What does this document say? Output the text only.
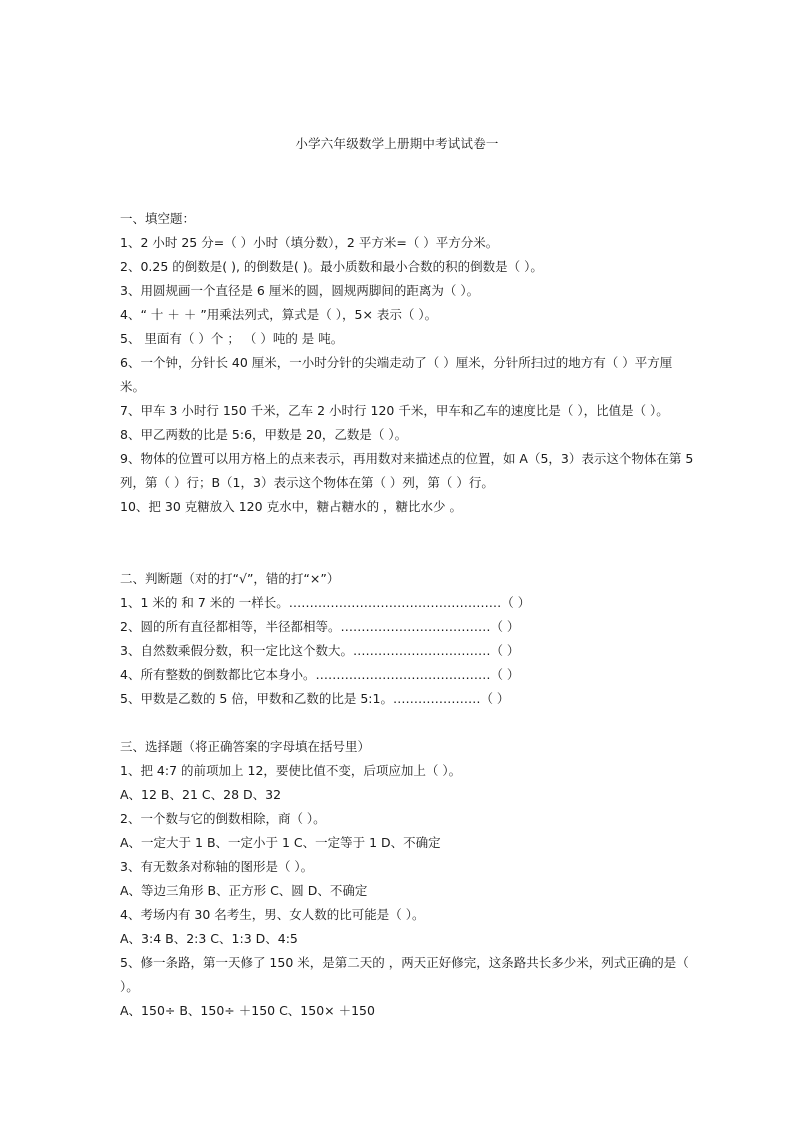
小学六年级数学上册期中考试试卷一
一、填空题：
1、2 小时 25 分=（ ）小时（填分数），2 平方米=（ ）平方分米。
2、0.25 的倒数是( ), 的倒数是( )。最小质数和最小合数的积的倒数是（ ）。
3、用圆规画一个直径是 6 厘米的圆，圆规两脚间的距离为（ ）。
4、“ 十 ＋ ＋ ”用乘法列式，算式是（ ），5× 表示（ ）。
5、 里面有（ ）个 ； （ ）吨的 是 吨。
6、一个钟，分针长 40 厘米，一小时分针的尖端走动了（ ）厘米，分针所扫过的地方有（ ）平方厘米。
7、甲车 3 小时行 150 千米，乙车 2 小时行 120 千米，甲车和乙车的速度比是（ ），比值是（ ）。
8、甲乙两数的比是 5:6，甲数是 20，乙数是（ ）。
9、物体的位置可以用方格上的点来表示，再用数对来描述点的位置，如 A（5，3）表示这个物体在第 5 列，第（ ）行；B（1，3）表示这个物体在第（ ）列，第（ ）行。
10、把 30 克糖放入 120 克水中，糖占糖水的 ，糖比水少 。
二、判断题（对的打“√”，错的打“×”）
1、1 米的 和 7 米的 一样长。……………………………………………（ ）
2、圆的所有直径都相等，半径都相等。………………………………（ ）
3、自然数乘假分数，积一定比这个数大。……………………………（ ）
4、所有整数的倒数都比它本身小。……………………………………（ ）
5、甲数是乙数的 5 倍，甲数和乙数的比是 5:1。…………………（ ）
三、选择题（将正确答案的字母填在括号里）
1、把 4:7 的前项加上 12，要使比值不变，后项应加上（ ）。
A、12 B、21 C、28 D、32
2、一个数与它的倒数相除，商（ ）。
A、一定大于 1 B、一定小于 1 C、一定等于 1 D、不确定
3、有无数条对称轴的图形是（ ）。
A、等边三角形 B、正方形 C、圆 D、不确定
4、考场内有 30 名考生，男、女人数的比可能是（ ）。
A、3:4 B、2:3 C、1:3 D、4:5
5、修一条路，第一天修了 150 米，是第二天的 ，两天正好修完，这条路共长多少米，列式正确的是（ ）。
A、150÷ B、150÷ ＋150 C、150× ＋150
